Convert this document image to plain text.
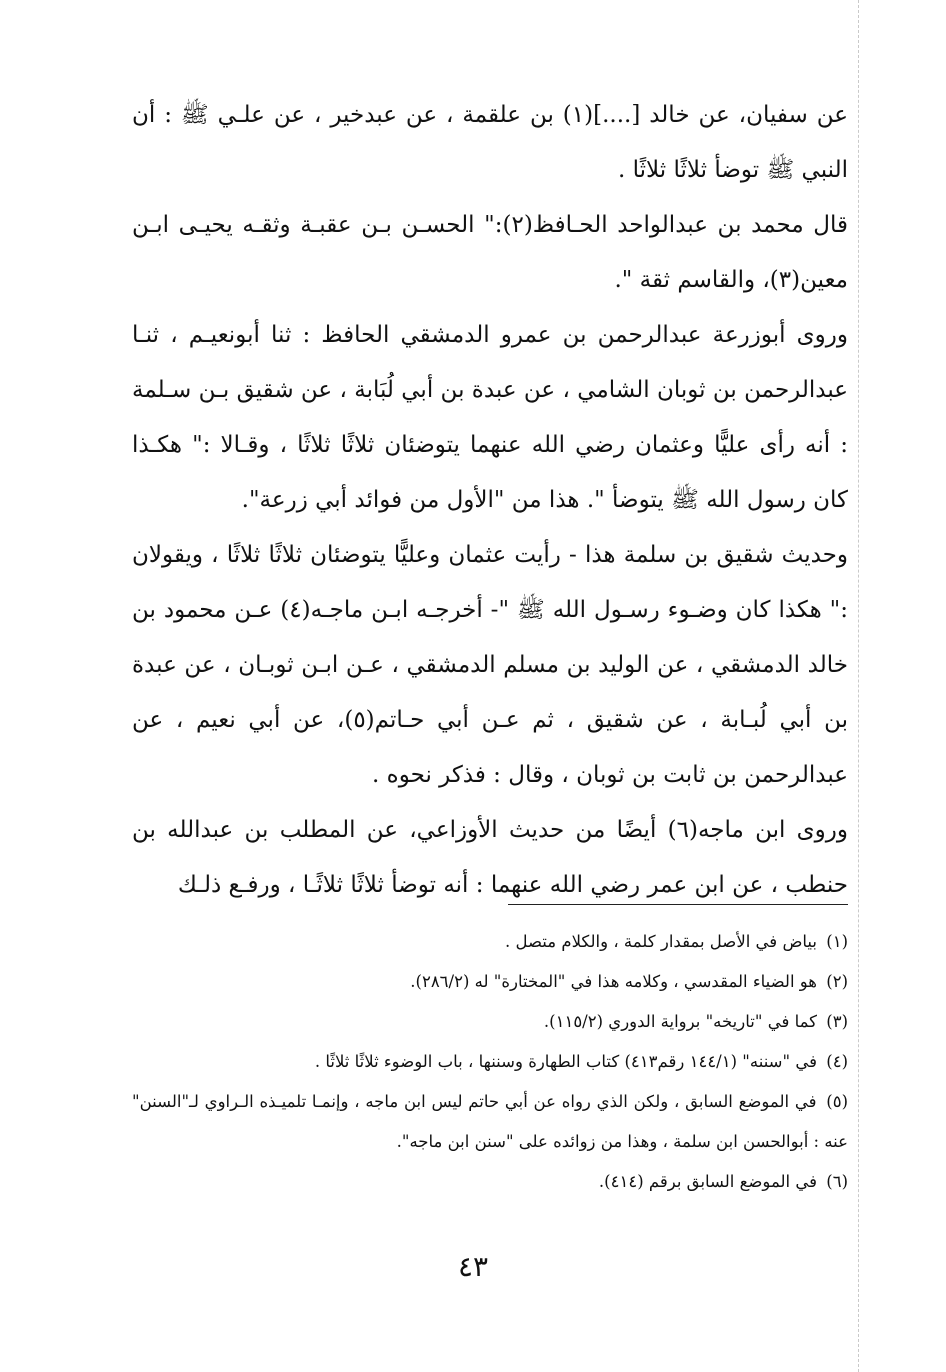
عن سفيان، عن خالد [....](١) بن علقمة ، عن عبدخير ، عن علـي ﷺ : أن النبي ﷺ توضأ ثلاثًا ثلاثًا .

قال محمد بن عبدالواحد الحـافظ(٢):" الحسـن بـن عقبـة وثقـه يحيـى ابـن معين(٣)، والقاسم ثقة ".

وروى أبوزرعة عبدالرحمن بن عمرو الدمشقي الحافظ : ثنا أبونعيـم ، ثنـا عبدالرحمن بن ثوبان الشامي ، عن عبدة بن أبي لُبَابة ، عن شقيق بـن سـلمة : أنه رأى عليًّا وعثمان رضي الله عنهما يتوضئان ثلاثًا ثلاثًا ، وقـالا :" هكـذا كان رسول الله ﷺ يتوضأ ". هذا من "الأول من فوائد أبي زرعة".

وحديث شقيق بن سلمة هذا - رأيت عثمان وعليًّا يتوضئان ثلاثًا ثلاثًا ، ويقولان :" هكذا كان وضـوء رسـول الله ﷺ "- أخرجـه ابـن ماجـه(٤) عـن محمود بن خالد الدمشقي ، عن الوليد بن مسلم الدمشقي ، عـن ابـن ثوبـان ، عن عبدة بن أبي لُبـابة ، عن شقيق ، ثم عـن أبي حـاتم(٥)، عن أبي نعيم ، عن عبدالرحمن بن ثابت بن ثوبان ، وقال : فذكر نحوه .

وروى ابن ماجه(٦) أيضًا من حديث الأوزاعي، عن المطلب بن عبدالله بن حنطب ، عن ابن عمر رضي الله عنهما : أنه توضأ ثلاثًا ثلاثًـا ، ورفـع ذلـك

(١) بياض في الأصل بمقدار كلمة ، والكلام متصل .

(٢) هو الضياء المقدسي ، وكلامه هذا في "المختارة" له (٢٨٦/٢).

(٣) كما في "تاريخه" برواية الدوري (١١٥/٢).

(٤) في "سننه" (١٤٤/١ رقم٤١٣) كتاب الطهارة وسننها ، باب الوضوء ثلاثًا ثلاثًا .

(٥) في الموضع السابق ، ولكن الذي رواه عن أبي حاتم ليس ابن ماجه ، وإنمـا تلميـذه الـراوي لـ"السنن" عنه : أبوالحسن ابن سلمة ، وهذا من زوائده على "سنن ابن ماجه".

(٦) في الموضع السابق برقم (٤١٤).

٤٣
